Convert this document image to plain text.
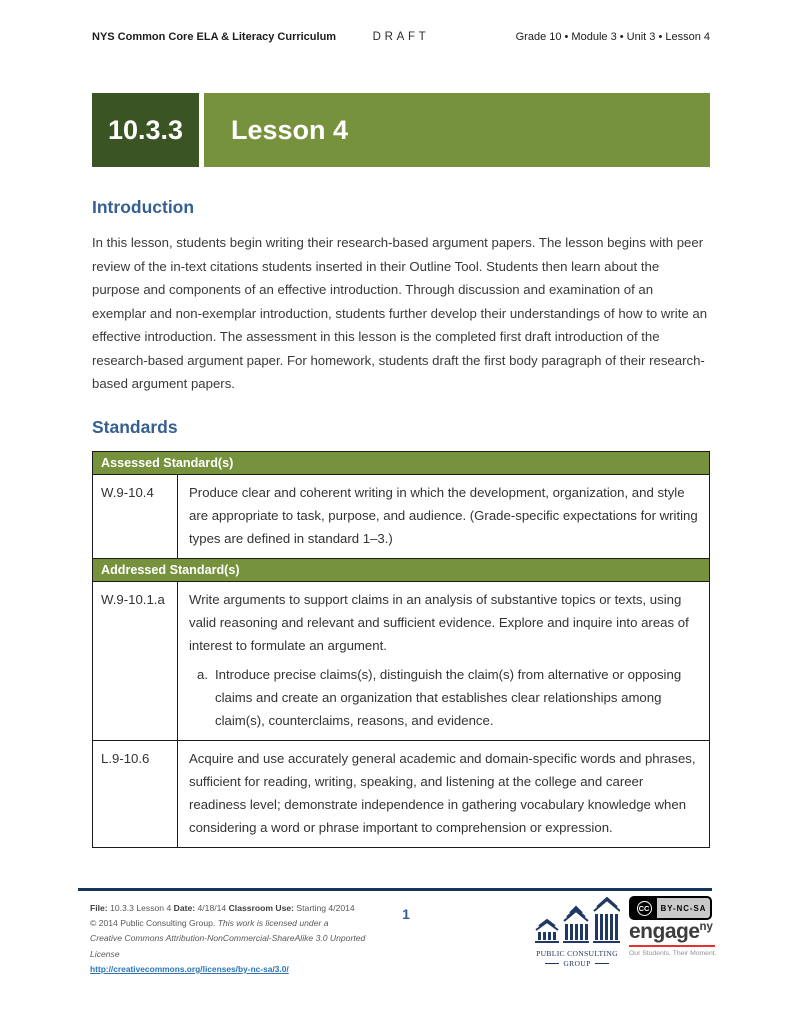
NYS Common Core ELA & Literacy Curriculum	DRAFT	Grade 10 • Module 3 • Unit 3 • Lesson 4
10.3.3	Lesson 4
Introduction

In this lesson, students begin writing their research-based argument papers. The lesson begins with peer review of the in-text citations students inserted in their Outline Tool. Students then learn about the purpose and components of an effective introduction. Through discussion and examination of an exemplar and non-exemplar introduction, students further develop their understandings of how to write an effective introduction. The assessment in this lesson is the completed first draft introduction of the research-based argument paper. For homework, students draft the first body paragraph of their research-based argument papers.

Standards
Assessed Standard(s)	
W.9-10.4	Produce clear and coherent writing in which the development, organization, and style are appropriate to task, purpose, and audience. (Grade-specific expectations for writing types are defined in standard 1–3.)
Addressed Standard(s)	
W.9-10.1.a	Write arguments to support claims in an analysis of substantive topics or texts, using valid reasoning and relevant and sufficient evidence. Explore and inquire into areas of interest to formulate an argument.
a. Introduce precise claims(s), distinguish the claim(s) from alternative or opposing claims and create an organization that establishes clear relationships among claim(s), counterclaims, reasons, and evidence.

L.9-10.6	Acquire and use accurately general academic and domain-specific words and phrases, sufficient for reading, writing, speaking, and listening at the college and career readiness level; demonstrate independence in gathering vocabulary knowledge when considering a word or phrase important to comprehension or expression.
File: 10.3.3 Lesson 4 Date: 4/18/14 Classroom Use: Starting 4/2014
© 2014 Public Consulting Group. This work is licensed under a
Creative Commons Attribution-NonCommercial-ShareAlike 3.0 Unported License
http://creativecommons.org/licenses/by-nc-sa/3.0/
1
PUBLIC CONSULTING
GROUP
CC	BY-NC-SA
engage$^{ny}$
Our Students. Their Moment.
